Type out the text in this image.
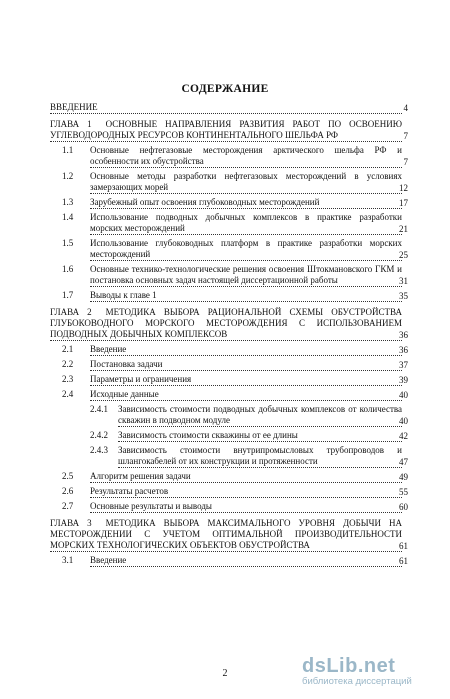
СОДЕРЖАНИЕ
ВВЕДЕНИЕ	4
ГЛАВА 1 ОСНОВНЫЕ НАПРАВЛЕНИЯ РАЗВИТИЯ РАБОТ ПО ОСВОЕНИЮ УГЛЕВОДОРОДНЫХ РЕСУРСОВ КОНТИНЕНТАЛЬНОГО ШЕЛЬФА РФ	7
1.1 Основные нефтегазовые месторождения арктического шельфа РФ и особенности их обустройства	7
1.2 Основные методы разработки нефтегазовых месторождений в условиях замерзающих морей	12
1.3 Зарубежный опыт освоения глубоководных месторождений	17
1.4 Использование подводных добычных комплексов в практике разработки морских месторождений	21
1.5 Использование глубоководных платформ в практике разработки морских месторождений	25
1.6 Основные технико-технологические решения освоения Штокмановского ГКМ и постановка основных задач настоящей диссертационной работы	31
1.7 Выводы к главе 1	35
ГЛАВА 2 МЕТОДИКА ВЫБОРА РАЦИОНАЛЬНОЙ СХЕМЫ ОБУСТРОЙСТВА ГЛУБОКОВОДНОГО МОРСКОГО МЕСТОРОЖДЕНИЯ С ИСПОЛЬЗОВАНИЕМ ПОДВОДНЫХ ДОБЫЧНЫХ КОМПЛЕКСОВ	36
2.1 Введение	36
2.2 Постановка задачи	37
2.3 Параметры и ограничения	39
2.4 Исходные данные	40
2.4.1 Зависимость стоимости подводных добычных комплексов от количества скважин в подводном модуле	40
2.4.2 Зависимость стоимости скважины от ее длины	42
2.4.3 Зависимость стоимости внутрипромысловых трубопроводов и шлангокабелей от их конструкции и протяженности	47
2.5 Алгоритм решения задачи	49
2.6 Результаты расчетов	55
2.7 Основные результаты и выводы	60
ГЛАВА 3 МЕТОДИКА ВЫБОРА МАКСИМАЛЬНОГО УРОВНЯ ДОБЫЧИ НА МЕСТОРОЖДЕНИИ С УЧЕТОМ ОПТИМАЛЬНОЙ ПРОИЗВОДИТЕЛЬНОСТИ МОРСКИХ ТЕХНОЛОГИЧЕСКИХ ОБЪЕКТОВ ОБУСТРОЙСТВА	61
3.1 Введение	61
2	dsLib.net
библиотека диссертаций
